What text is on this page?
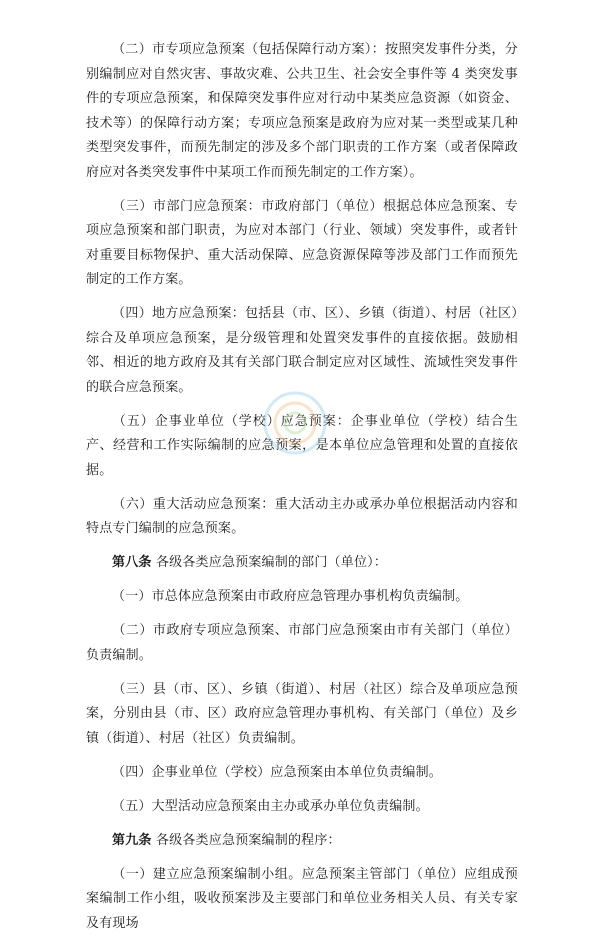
（二）市专项应急预案（包括保障行动方案）：按照突发事件分类，分别编制应对自然灾害、事故灾难、公共卫生、社会安全事件等 4 类突发事件的专项应急预案，和保障突发事件应对行动中某类应急资源（如资金、技术等）的保障行动方案；专项应急预案是政府为应对某一类型或某几种类型突发事件，而预先制定的涉及多个部门职责的工作方案（或者保障政府应对各类突发事件中某项工作而预先制定的工作方案）。

（三）市部门应急预案：市政府部门（单位）根据总体应急预案、专项应急预案和部门职责，为应对本部门（行业、领域）突发事件，或者针对重要目标物保护、重大活动保障、应急资源保障等涉及部门工作而预先制定的工作方案。

（四）地方应急预案：包括县（市、区）、乡镇（街道）、村居（社区）综合及单项应急预案，是分级管理和处置突发事件的直接依据。鼓励相邻、相近的地方政府及其有关部门联合制定应对区域性、流域性突发事件的联合应急预案。

（五）企事业单位（学校）应急预案：企事业单位（学校）结合生产、经营和工作实际编制的应急预案，是本单位应急管理和处置的直接依据。

（六）重大活动应急预案：重大活动主办或承办单位根据活动内容和特点专门编制的应急预案。

第八条 各级各类应急预案编制的部门（单位）：

（一）市总体应急预案由市政府应急管理办事机构负责编制。

（二）市政府专项应急预案、市部门应急预案由市有关部门（单位）负责编制。

（三）县（市、区）、乡镇（街道）、村居（社区）综合及单项应急预案，分别由县（市、区）政府应急管理办事机构、有关部门（单位）及乡镇（街道）、村居（社区）负责编制。

（四）企事业单位（学校）应急预案由本单位负责编制。

（五）大型活动应急预案由主办或承办单位负责编制。

第九条 各级各类应急预案编制的程序：

（一）建立应急预案编制小组。应急预案主管部门（单位）应组成预案编制工作小组，吸收预案涉及主要部门和单位业务相关人员、有关专家及有现场
